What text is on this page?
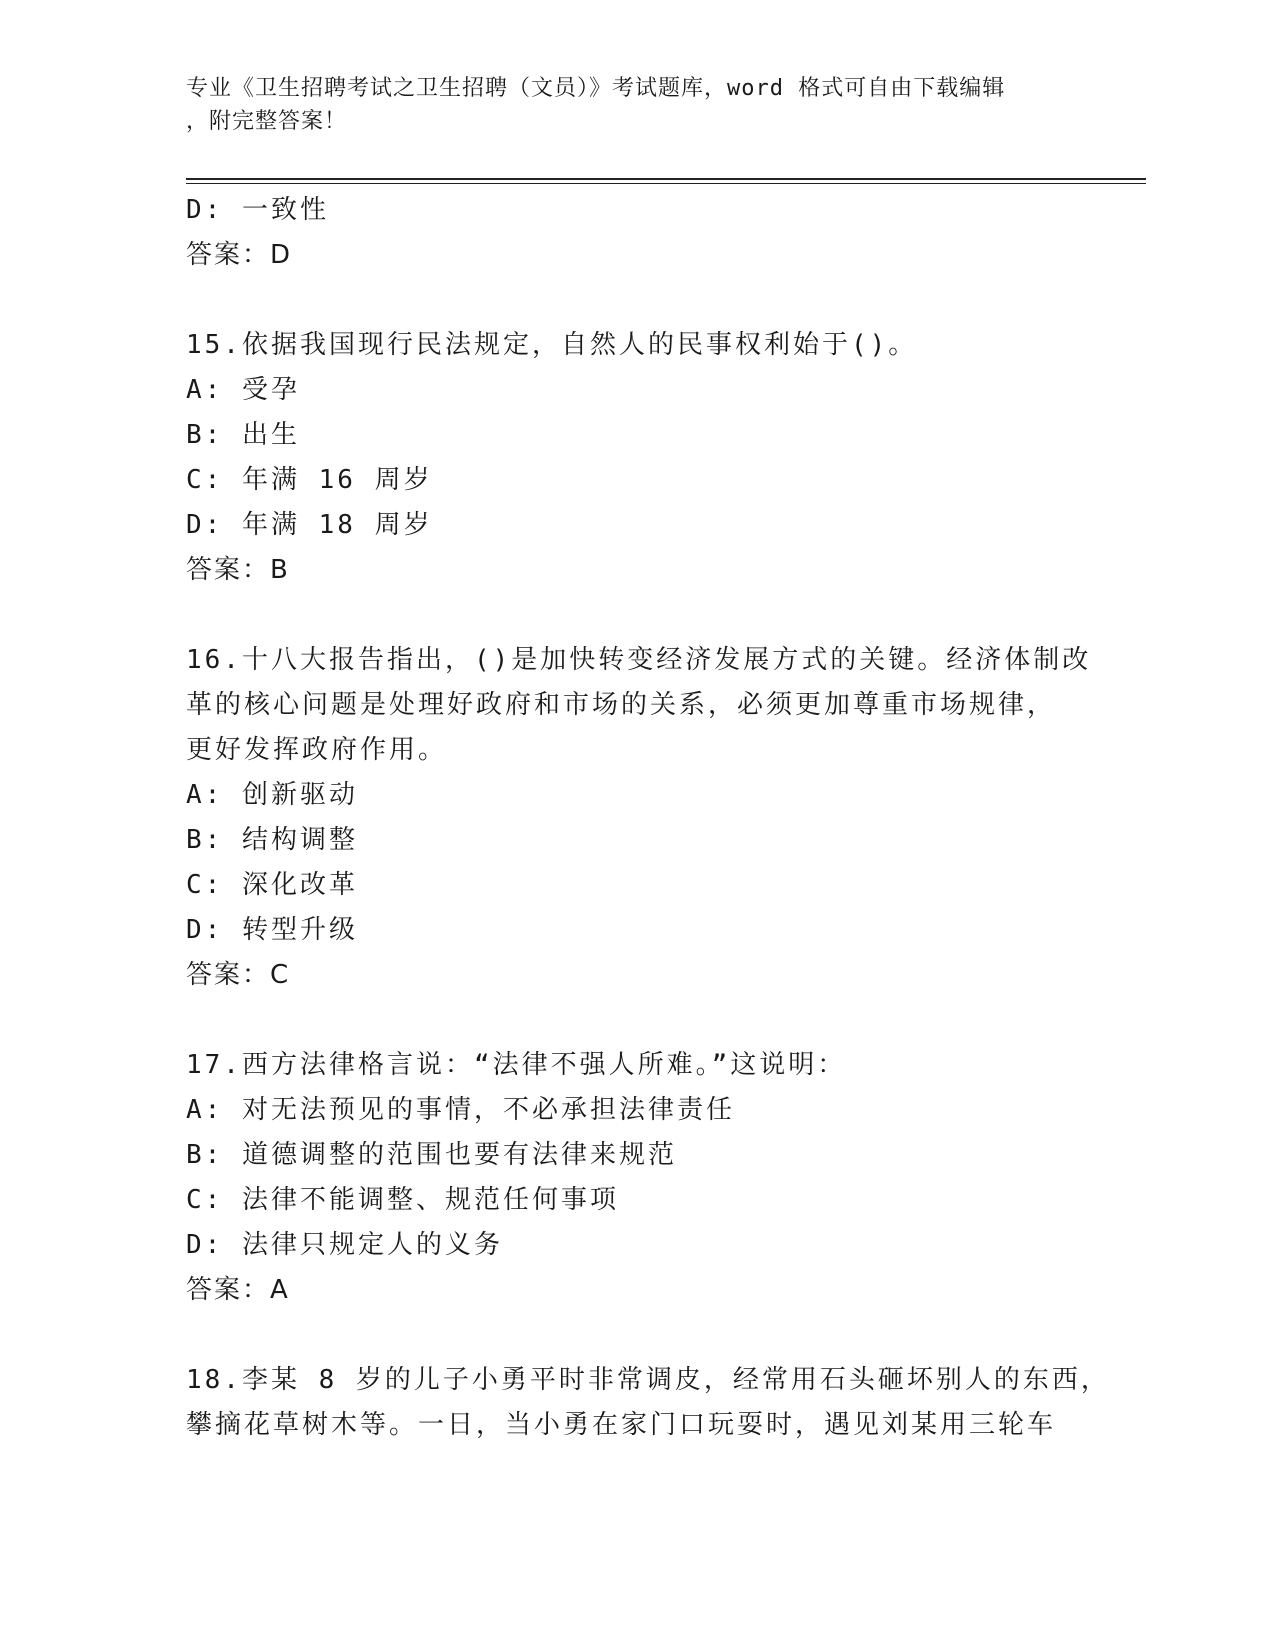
专业《卫生招聘考试之卫生招聘（文员）》考试题库，word 格式可自由下载编辑
，附完整答案！
D: 一致性
答案：D
15.依据我国现行民法规定，自然人的民事权利始于()。
A: 受孕
B: 出生
C: 年满 16 周岁
D: 年满 18 周岁
答案：B
16.十八大报告指出，()是加快转变经济发展方式的关键。经济体制改
革的核心问题是处理好政府和市场的关系，必须更加尊重市场规律，
更好发挥政府作用。
A: 创新驱动
B: 结构调整
C: 深化改革
D: 转型升级
答案：C
17.西方法律格言说：“法律不强人所难。”这说明：
A: 对无法预见的事情，不必承担法律责任
B: 道德调整的范围也要有法律来规范
C: 法律不能调整、规范任何事项
D: 法律只规定人的义务
答案：A
18.李某 8 岁的儿子小勇平时非常调皮，经常用石头砸坏别人的东西，
攀摘花草树木等。一日，当小勇在家门口玩耍时，遇见刘某用三轮车
